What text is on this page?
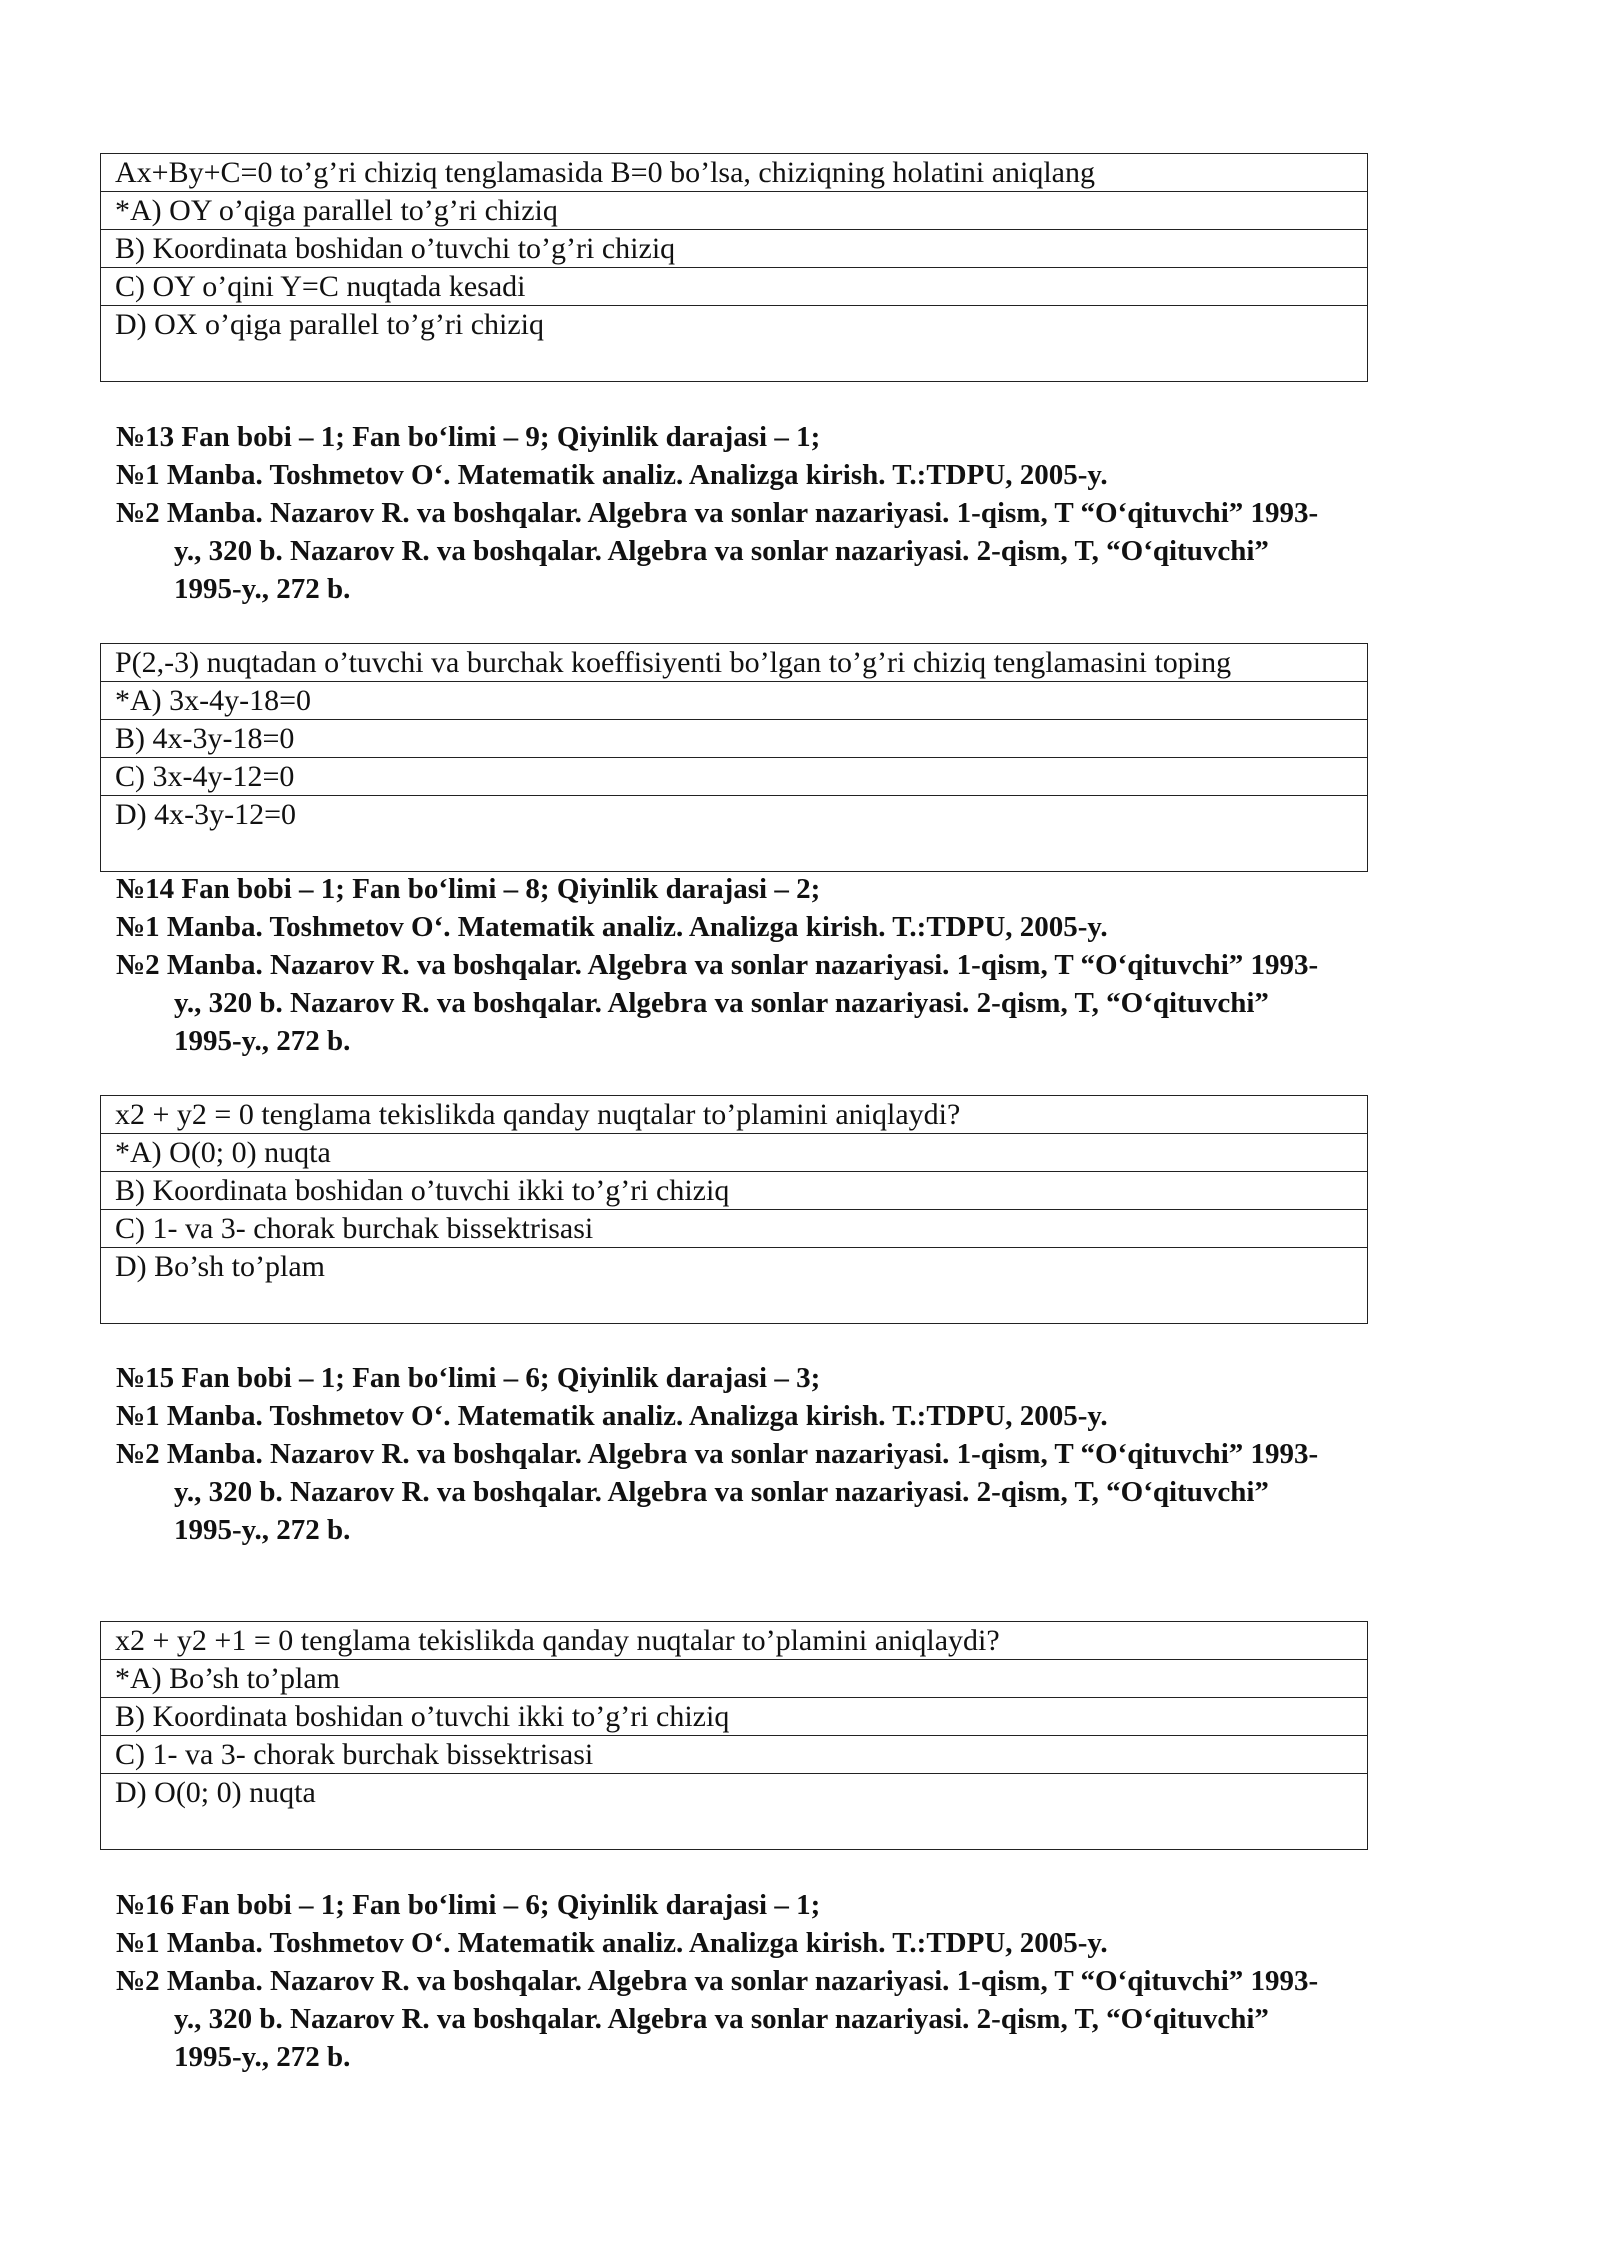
Ax+By+C=0 to’g’ri chiziq tenglamasida B=0 bo’lsa, chiziqning holatini aniqlang
*A) OY o’qiga parallel to’g’ri chiziq
B) Koordinata boshidan o’tuvchi to’g’ri chiziq
C) OY o’qini Y=C nuqtada kesadi
D) OX o’qiga parallel to’g’ri chiziq
№13 Fan bobi – 1; Fan bo‘limi – 9; Qiyinlik darajasi – 1;
№1 Manba. Toshmetov O‘. Matematik analiz. Analizga kirish. T.:TDPU, 2005-y.
№2 Manba. Nazarov R. va boshqalar. Algebra va sonlar nazariyasi. 1-qism, T “O‘qituvchi” 1993-
y., 320 b. Nazarov R. va boshqalar. Algebra va sonlar nazariyasi. 2-qism, T, “O‘qituvchi”
1995-y., 272 b.
P(2,-3) nuqtadan o’tuvchi va burchak koeffisiyenti bo’lgan to’g’ri chiziq tenglamasini toping
*A) 3x-4y-18=0
B) 4x-3y-18=0
C) 3x-4y-12=0
D) 4x-3y-12=0
№14 Fan bobi – 1; Fan bo‘limi – 8; Qiyinlik darajasi – 2;
№1 Manba. Toshmetov O‘. Matematik analiz. Analizga kirish. T.:TDPU, 2005-y.
№2 Manba. Nazarov R. va boshqalar. Algebra va sonlar nazariyasi. 1-qism, T “O‘qituvchi” 1993-
y., 320 b. Nazarov R. va boshqalar. Algebra va sonlar nazariyasi. 2-qism, T, “O‘qituvchi”
1995-y., 272 b.
x2 + y2 = 0 tenglama tekislikda qanday nuqtalar to’plamini aniqlaydi?
*A) O(0; 0) nuqta
B) Koordinata boshidan o’tuvchi ikki to’g’ri chiziq
C) 1- va 3- chorak burchak bissektrisasi
D) Bo’sh to’plam
№15 Fan bobi – 1; Fan bo‘limi – 6; Qiyinlik darajasi – 3;
№1 Manba. Toshmetov O‘. Matematik analiz. Analizga kirish. T.:TDPU, 2005-y.
№2 Manba. Nazarov R. va boshqalar. Algebra va sonlar nazariyasi. 1-qism, T “O‘qituvchi” 1993-
y., 320 b. Nazarov R. va boshqalar. Algebra va sonlar nazariyasi. 2-qism, T, “O‘qituvchi”
1995-y., 272 b.
x2 + y2 +1 = 0 tenglama tekislikda qanday nuqtalar to’plamini aniqlaydi?
*A) Bo’sh to’plam
B) Koordinata boshidan o’tuvchi ikki to’g’ri chiziq
C) 1- va 3- chorak burchak bissektrisasi
D) O(0; 0) nuqta
№16 Fan bobi – 1; Fan bo‘limi – 6; Qiyinlik darajasi – 1;
№1 Manba. Toshmetov O‘. Matematik analiz. Analizga kirish. T.:TDPU, 2005-y.
№2 Manba. Nazarov R. va boshqalar. Algebra va sonlar nazariyasi. 1-qism, T “O‘qituvchi” 1993-
y., 320 b. Nazarov R. va boshqalar. Algebra va sonlar nazariyasi. 2-qism, T, “O‘qituvchi”
1995-y., 272 b.
